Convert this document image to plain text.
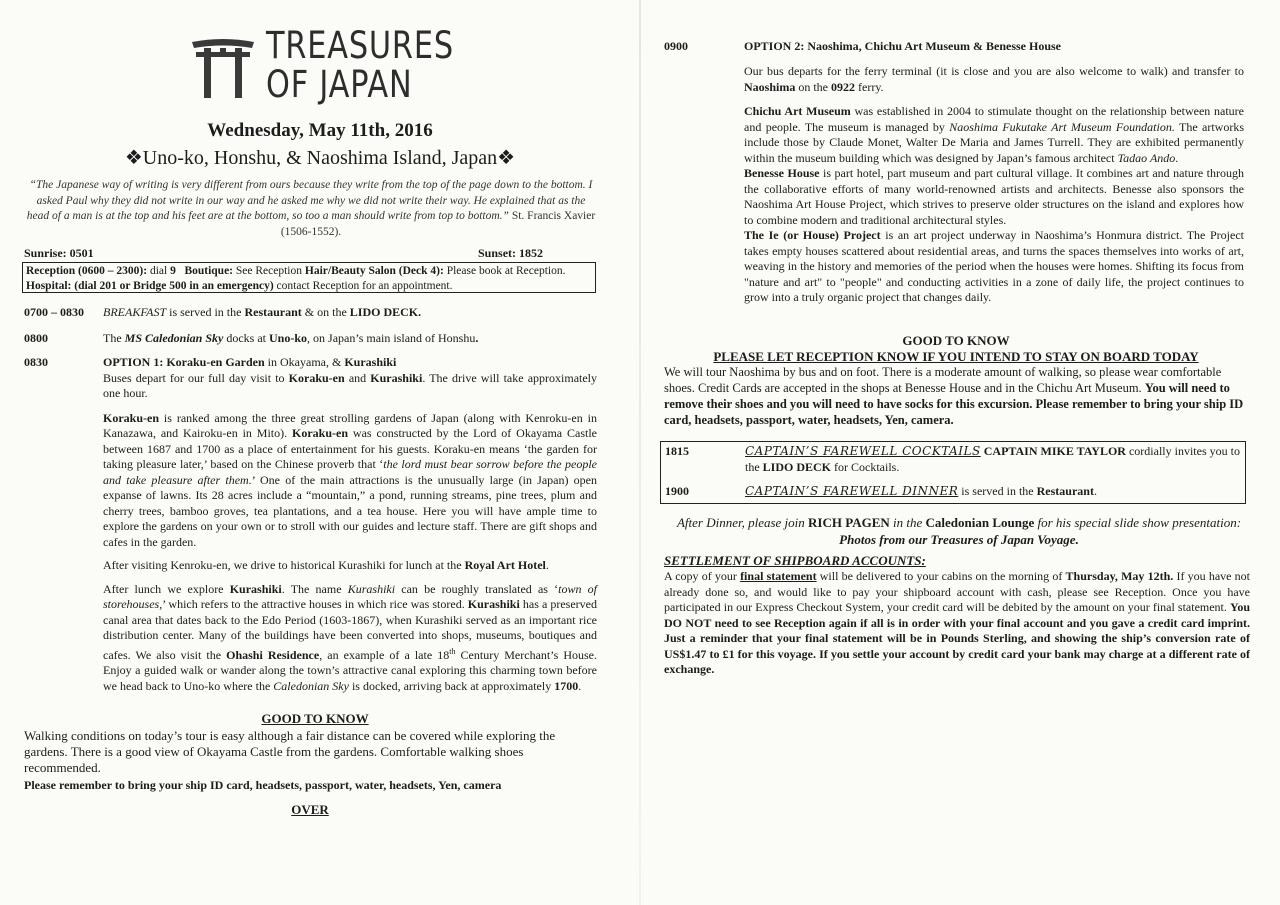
TREASURES
OF JAPAN
Wednesday, May 11th, 2016
❖Uno-ko, Honshu, & Naoshima Island, Japan❖
“The Japanese way of writing is very different from ours because they write from the top of the page down to the bottom. I asked Paul why they did not write in our way and he asked me why we did not write their way. He explained that as the head of a man is at the top and his feet are at the bottom, so too a man should write from top to bottom.” St. Francis Xavier (1506-1552).
Sunrise: 0501	Sunset: 1852
Reception (0600 – 2300): dial 9 Boutique: See Reception Hair/Beauty Salon (Deck 4): Please book at Reception. Hospital: (dial 201 or Bridge 500 in an emergency) contact Reception for an appointment.
0700 – 0830 BREAKFAST is served in the Restaurant & on the LIDO DECK.
0800	The MS Caledonian Sky docks at Uno-ko, on Japan’s main island of Honshu.
0830	OPTION 1: Koraku-en Garden in Okayama, & Kurashiki

Buses depart for our full day visit to Koraku-en and Kurashiki. The drive will take approximately one hour.

Koraku-en is ranked among the three great strolling gardens of Japan (along with Kenroku-en in Kanazawa, and Kairoku-en in Mito). Koraku-en was constructed by the Lord of Okayama Castle between 1687 and 1700 as a place of entertainment for his guests. Koraku-en means ‘the garden for taking pleasure later,’ based on the Chinese proverb that ‘the lord must bear sorrow before the people and take pleasure after them.’ One of the main attractions is the unusually large (in Japan) open expanse of lawns. Its 28 acres include a “mountain,” a pond, running streams, pine trees, plum and cherry trees, bamboo groves, tea plantations, and a tea house. Here you will have ample time to explore the gardens on your own or to stroll with our guides and lecture staff. There are gift shops and cafes in the garden.

After visiting Kenroku-en, we drive to historical Kurashiki for lunch at the Royal Art Hotel.

After lunch we explore Kurashiki. The name Kurashiki can be roughly translated as ‘town of storehouses,’ which refers to the attractive houses in which rice was stored. Kurashiki has a preserved canal area that dates back to the Edo Period (1603-1867), when Kurashiki served as an important rice distribution center. Many of the buildings have been converted into shops, museums, boutiques and cafes. We also visit the Ohashi Residence, an example of a late 18th Century Merchant’s House. Enjoy a guided walk or wander along the town’s attractive canal exploring this charming town before we head back to Uno-ko where the Caledonian Sky is docked, arriving back at approximately 1700.

GOOD TO KNOW
Walking conditions on today’s tour is easy although a fair distance can be covered while exploring the gardens. There is a good view of Okayama Castle from the gardens. Comfortable walking shoes recommended.
Please remember to bring your ship ID card, headsets, passport, water, headsets, Yen, camera
OVER
0900	OPTION 2: Naoshima, Chichu Art Museum & Benesse House

Our bus departs for the ferry terminal (it is close and you are also welcome to walk) and transfer to Naoshima on the 0922 ferry.

Chichu Art Museum was established in 2004 to stimulate thought on the relationship between nature and people. The museum is managed by Naoshima Fukutake Art Museum Foundation. The artworks include those by Claude Monet, Walter De Maria and James Turrell. They are exhibited permanently within the museum building which was designed by Japan’s famous architect Tadao Ando.

Benesse House is part hotel, part museum and part cultural village. It combines art and nature through the collaborative efforts of many world-renowned artists and architects. Benesse also sponsors the Naoshima Art House Project, which strives to preserve older structures on the island and explores how to combine modern and traditional architectural styles.

The Ie (or House) Project is an art project underway in Naoshima’s Honmura district. The Project takes empty houses scattered about residential areas, and turns the spaces themselves into works of art, weaving in the history and memories of the period when the houses were homes. Shifting its focus from "nature and art" to "people" and conducting activities in a zone of daily life, the project continues to grow into a truly organic project that changes daily.

GOOD TO KNOW
PLEASE LET RECEPTION KNOW IF YOU INTEND TO STAY ON BOARD TODAY
We will tour Naoshima by bus and on foot. There is a moderate amount of walking, so please wear comfortable shoes. Credit Cards are accepted in the shops at Benesse House and in the Chichu Art Museum. You will need to remove their shoes and you will need to have socks for this excursion. Please remember to bring your ship ID card, headsets, passport, water, headsets, Yen, camera.
1815	CAPTAIN’S FAREWELL COCKTAILS CAPTAIN MIKE TAYLOR cordially invites you to the LIDO DECK for Cocktails.
1900	CAPTAIN’S FAREWELL DINNER is served in the Restaurant.
After Dinner, please join RICH PAGEN in the Caledonian Lounge for his special slide show presentation: Photos from our Treasures of Japan Voyage.
SETTLEMENT OF SHIPBOARD ACCOUNTS:
A copy of your final statement will be delivered to your cabins on the morning of Thursday, May 12th. If you have not already done so, and would like to pay your shipboard account with cash, please see Reception. Once you have participated in our Express Checkout System, your credit card will be debited by the amount on your final statement. You DO NOT need to see Reception again if all is in order with your final account and you gave a credit card imprint. Just a reminder that your final statement will be in Pounds Sterling, and showing the ship’s conversion rate of US$1.47 to £1 for this voyage. If you settle your account by credit card your bank may charge at a different rate of exchange.
